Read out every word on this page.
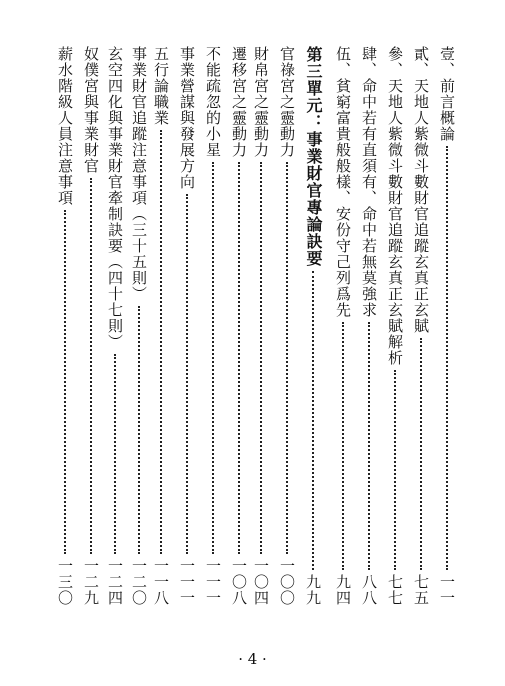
壹、前言概論
一一
貳、天地人紫微斗數財官追蹤玄真正玄賦
七五
參、天地人紫微斗數財官追蹤玄真正玄賦解析
七七
肆、命中若有直須有、命中若無莫強求
八八
伍、貧窮富貴般般樣、安份守己列爲先
九四
第三單元：事業財官專論訣要
九九
官祿宮之靈動力
一〇〇
財帛宮之靈動力
一〇四
遷移宮之靈動力
一〇八
不能疏忽的小星
一一一
事業營謀與發展方向
一一一
五行論職業
一一八
事業財官追蹤注意事項（三十五則）
一二〇
玄空四化與事業財官牽制訣要（四十七則）
一二四
奴僕宮與事業財官
一二九
薪水階級人員注意事項
一三〇
· 4 ·
